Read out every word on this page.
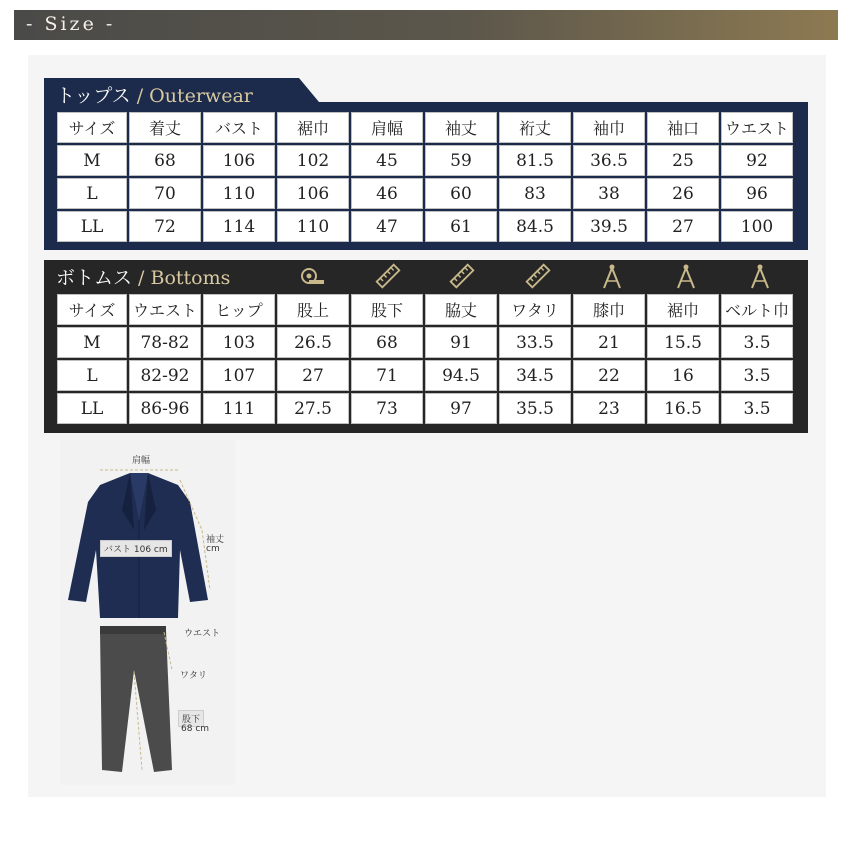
- Size -
トップス / Outerwear
サイズ	着丈	バスト	裾巾	肩幅	袖丈	裄丈	袖巾	袖口	ウエスト
M	68	106	102	45	59	81.5	36.5	25	92
L	70	110	106	46	60	83	38	26	96
LL	72	114	110	47	61	84.5	39.5	27	100
ボトムス / Bottoms
サイズ	ウエスト	ヒップ	股上	股下	脇丈	ワタリ	膝巾	裾巾	ベルト巾
M	78-82	103	26.5	68	91	33.5	21	15.5	3.5
L	82-92	107	27	71	94.5	34.5	22	16	3.5
LL	86-96	111	27.5	73	97	35.5	23	16.5	3.5
肩幅
バスト 106 cm
袖丈
cm
ウエスト
ワタリ
股下
68 cm
